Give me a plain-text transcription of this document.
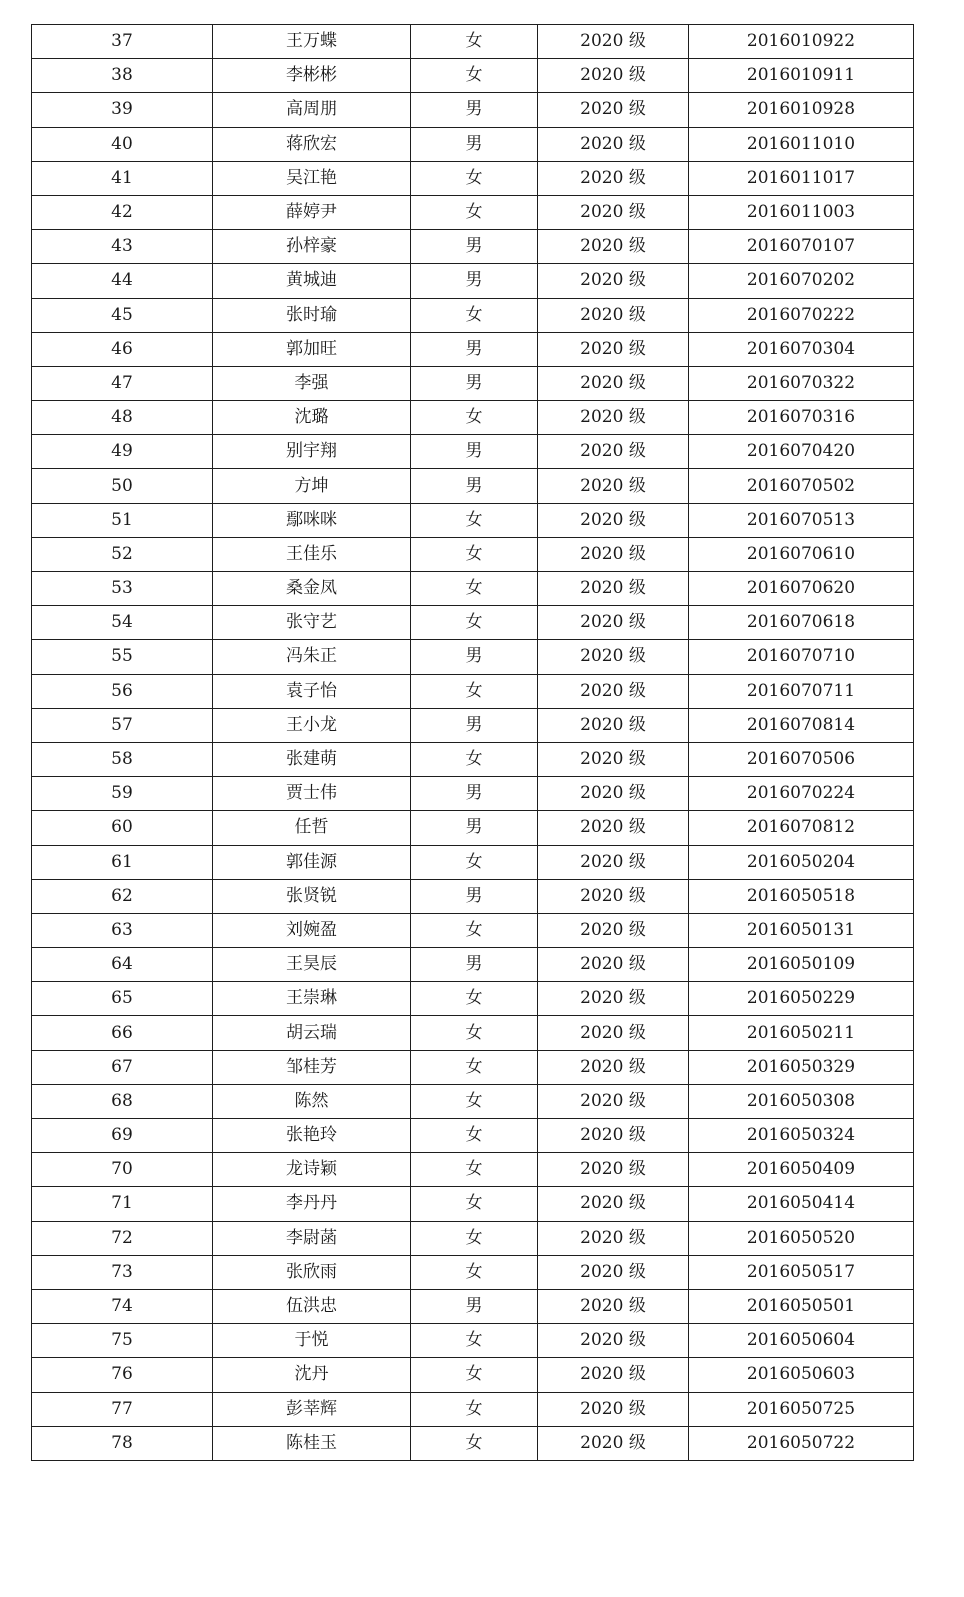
37	王万蝶	女	2020 级	2016010922
38	李彬彬	女	2020 级	2016010911
39	高周朋	男	2020 级	2016010928
40	蒋欣宏	男	2020 级	2016011010
41	吴江艳	女	2020 级	2016011017
42	薛婷尹	女	2020 级	2016011003
43	孙梓豪	男	2020 级	2016070107
44	黄城迪	男	2020 级	2016070202
45	张时瑜	女	2020 级	2016070222
46	郭加旺	男	2020 级	2016070304
47	李强	男	2020 级	2016070322
48	沈璐	女	2020 级	2016070316
49	别宇翔	男	2020 级	2016070420
50	方坤	男	2020 级	2016070502
51	鄢咪咪	女	2020 级	2016070513
52	王佳乐	女	2020 级	2016070610
53	桑金凤	女	2020 级	2016070620
54	张守艺	女	2020 级	2016070618
55	冯朱正	男	2020 级	2016070710
56	袁子怡	女	2020 级	2016070711
57	王小龙	男	2020 级	2016070814
58	张建萌	女	2020 级	2016070506
59	贾士伟	男	2020 级	2016070224
60	任哲	男	2020 级	2016070812
61	郭佳源	女	2020 级	2016050204
62	张贤锐	男	2020 级	2016050518
63	刘婉盈	女	2020 级	2016050131
64	王昊辰	男	2020 级	2016050109
65	王崇琳	女	2020 级	2016050229
66	胡云瑞	女	2020 级	2016050211
67	邹桂芳	女	2020 级	2016050329
68	陈然	女	2020 级	2016050308
69	张艳玲	女	2020 级	2016050324
70	龙诗颖	女	2020 级	2016050409
71	李丹丹	女	2020 级	2016050414
72	李尉菡	女	2020 级	2016050520
73	张欣雨	女	2020 级	2016050517
74	伍洪忠	男	2020 级	2016050501
75	于悦	女	2020 级	2016050604
76	沈丹	女	2020 级	2016050603
77	彭莘辉	女	2020 级	2016050725
78	陈桂玉	女	2020 级	2016050722
